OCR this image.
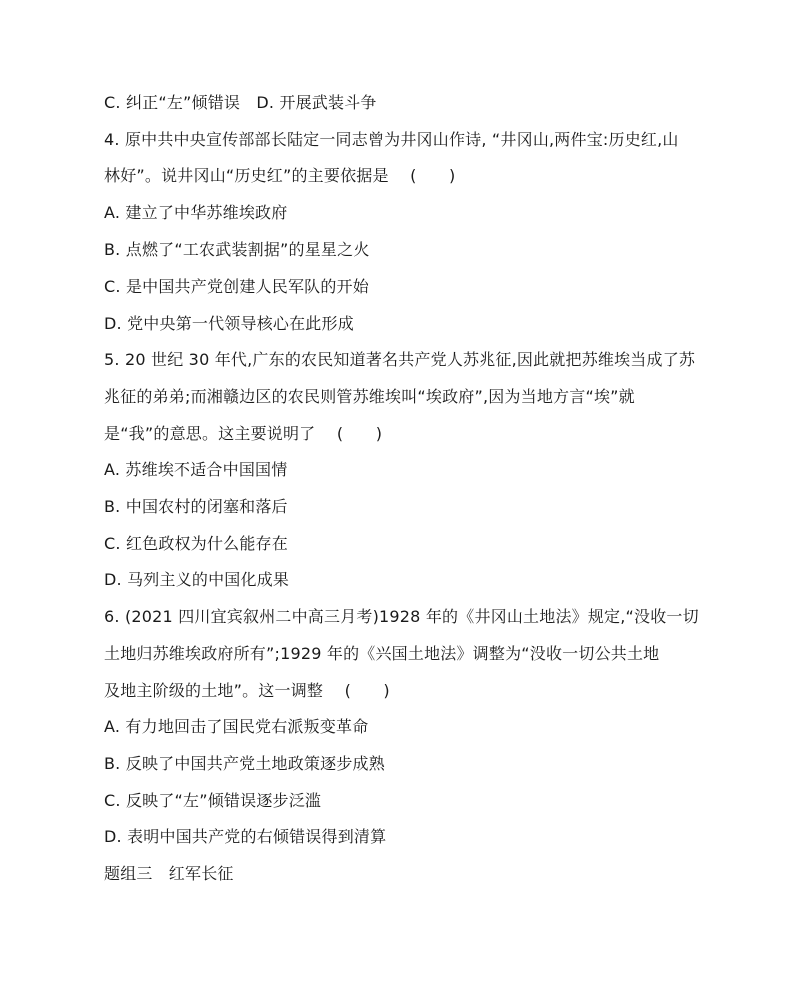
C. 纠正“左”倾错误　D. 开展武装斗争
4. 原中共中央宣传部部长陆定一同志曾为井冈山作诗, “井冈山,两件宝:历史红,山
林好”。说井冈山“历史红”的主要依据是　 (　　)
A. 建立了中华苏维埃政府
B. 点燃了“工农武装割据”的星星之火
C. 是中国共产党创建人民军队的开始
D. 党中央第一代领导核心在此形成
5. 20 世纪 30 年代,广东的农民知道著名共产党人苏兆征,因此就把苏维埃当成了苏
兆征的弟弟;而湘赣边区的农民则管苏维埃叫“埃政府”,因为当地方言“埃”就
是“我”的意思。这主要说明了　 (　　)
A. 苏维埃不适合中国国情
B. 中国农村的闭塞和落后
C. 红色政权为什么能存在
D. 马列主义的中国化成果
6. (2021 四川宜宾叙州二中高三月考)1928 年的《井冈山土地法》规定,“没收一切
土地归苏维埃政府所有”;1929 年的《兴国土地法》调整为“没收一切公共土地
及地主阶级的土地”。这一调整　 (　　)
A. 有力地回击了国民党右派叛变革命
B. 反映了中国共产党土地政策逐步成熟
C. 反映了“左”倾错误逐步泛滥
D. 表明中国共产党的右倾错误得到清算
题组三　红军长征
